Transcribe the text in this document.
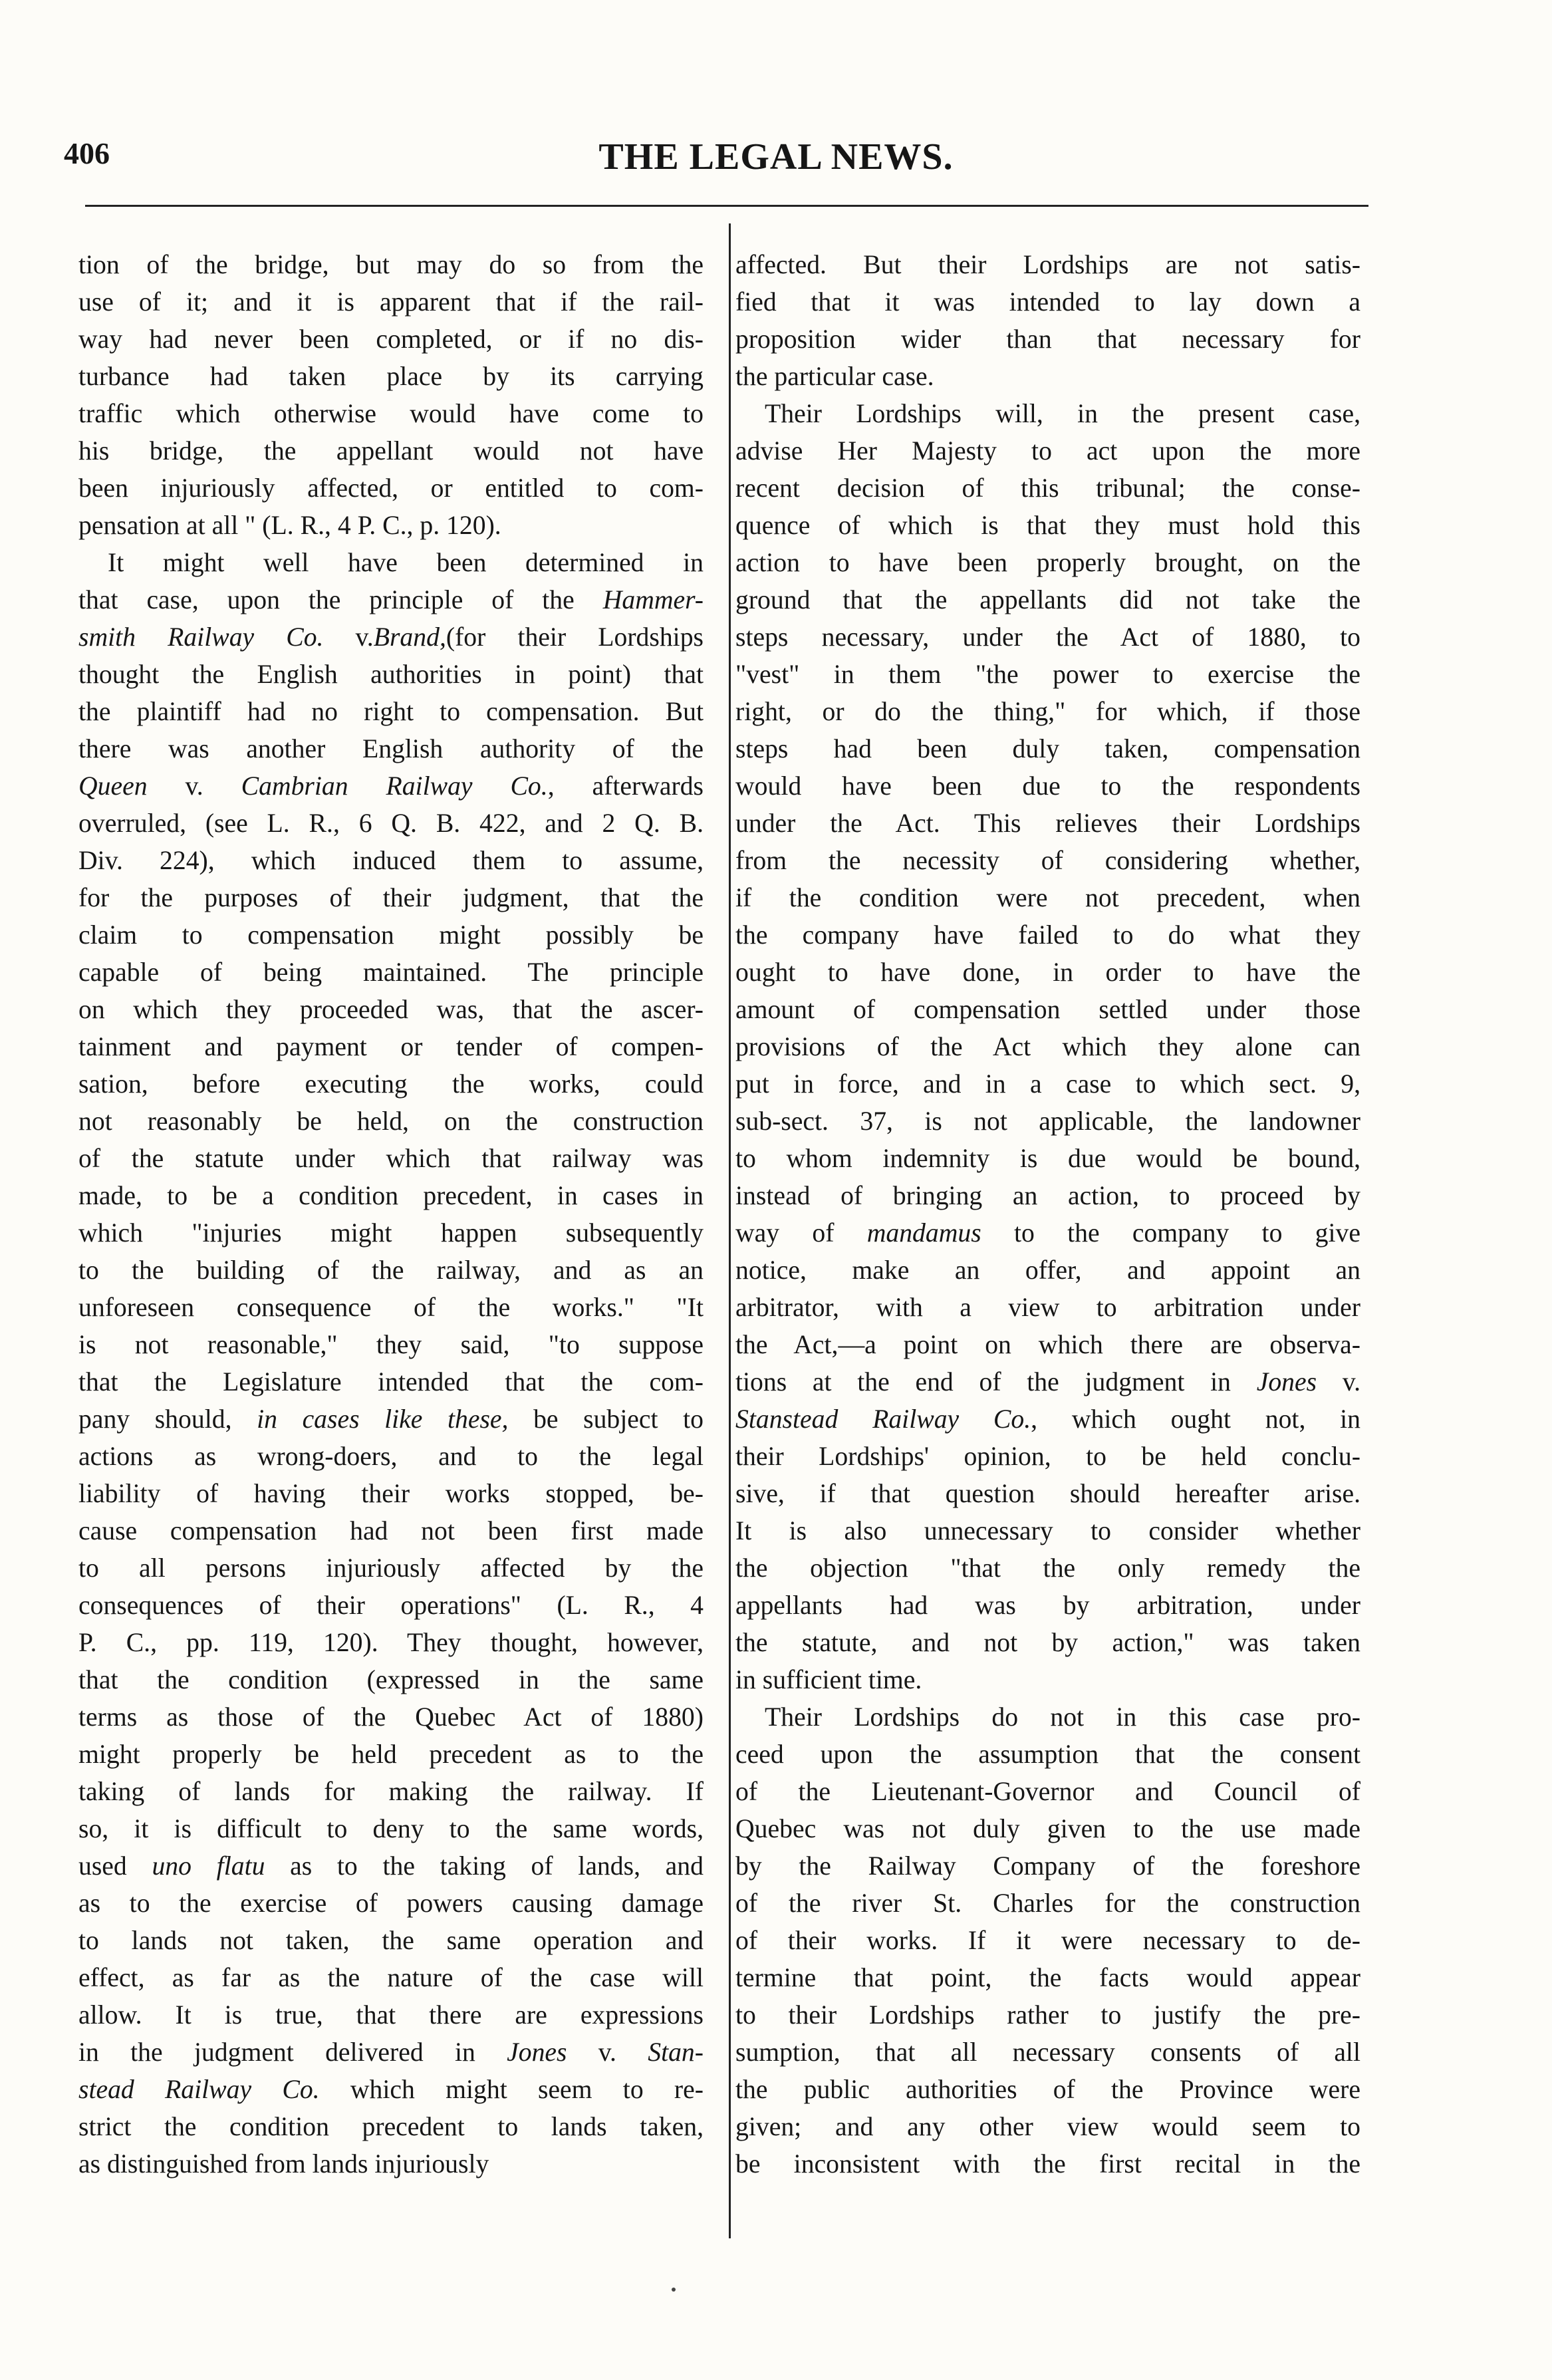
406	THE LEGAL NEWS.
tion of the bridge, but may do so from the
use of it; and it is apparent that if the rail-
way had never been completed, or if no dis-
turbance had taken place by its carrying
traffic which otherwise would have come to
his bridge, the appellant would not have
been injuriously affected, or entitled to com-
pensation at all " (L. R., 4 P. C., p. 120).
It might well have been determined in
that case, upon the principle of the Hammer-
smith Railway Co. v.Brand,(for their Lordships
thought the English authorities in point) that
the plaintiff had no right to compensation. But
there was another English authority of the
Queen v. Cambrian Railway Co., afterwards
overruled, (see L. R., 6 Q. B. 422, and 2 Q. B.
Div. 224), which induced them to assume,
for the purposes of their judgment, that the
claim to compensation might possibly be
capable of being maintained. The principle
on which they proceeded was, that the ascer-
tainment and payment or tender of compen-
sation, before executing the works, could
not reasonably be held, on the construction
of the statute under which that railway was
made, to be a condition precedent, in cases in
which "injuries might happen subsequently
to the building of the railway, and as an
unforeseen consequence of the works." "It
is not reasonable," they said, "to suppose
that the Legislature intended that the com-
pany should, in cases like these, be subject to
actions as wrong-doers, and to the legal
liability of having their works stopped, be-
cause compensation had not been first made
to all persons injuriously affected by the
consequences of their operations" (L. R., 4
P. C., pp. 119, 120). They thought, however,
that the condition (expressed in the same
terms as those of the Quebec Act of 1880)
might properly be held precedent as to the
taking of lands for making the railway. If
so, it is difficult to deny to the same words,
used uno flatu as to the taking of lands, and
as to the exercise of powers causing damage
to lands not taken, the same operation and
effect, as far as the nature of the case will
allow. It is true, that there are expressions
in the judgment delivered in Jones v. Stan-
stead Railway Co. which might seem to re-
strict the condition precedent to lands taken,
as distinguished from lands injuriously
affected. But their Lordships are not satis-
fied that it was intended to lay down a
proposition wider than that necessary for
the particular case.
Their Lordships will, in the present case,
advise Her Majesty to act upon the more
recent decision of this tribunal; the conse-
quence of which is that they must hold this
action to have been properly brought, on the
ground that the appellants did not take the
steps necessary, under the Act of 1880, to
"vest" in them "the power to exercise the
right, or do the thing," for which, if those
steps had been duly taken, compensation
would have been due to the respondents
under the Act. This relieves their Lordships
from the necessity of considering whether,
if the condition were not precedent, when
the company have failed to do what they
ought to have done, in order to have the
amount of compensation settled under those
provisions of the Act which they alone can
put in force, and in a case to which sect. 9,
sub-sect. 37, is not applicable, the landowner
to whom indemnity is due would be bound,
instead of bringing an action, to proceed by
way of mandamus to the company to give
notice, make an offer, and appoint an
arbitrator, with a view to arbitration under
the Act,—a point on which there are observa-
tions at the end of the judgment in Jones v.
Stanstead Railway Co., which ought not, in
their Lordships' opinion, to be held conclu-
sive, if that question should hereafter arise.
It is also unnecessary to consider whether
the objection "that the only remedy the
appellants had was by arbitration, under
the statute, and not by action," was taken
in sufficient time.
Their Lordships do not in this case pro-
ceed upon the assumption that the consent
of the Lieutenant-Governor and Council of
Quebec was not duly given to the use made
by the Railway Company of the foreshore
of the river St. Charles for the construction
of their works. If it were necessary to de-
termine that point, the facts would appear
to their Lordships rather to justify the pre-
sumption, that all necessary consents of all
the public authorities of the Province were
given; and any other view would seem to
be inconsistent with the first recital in the
